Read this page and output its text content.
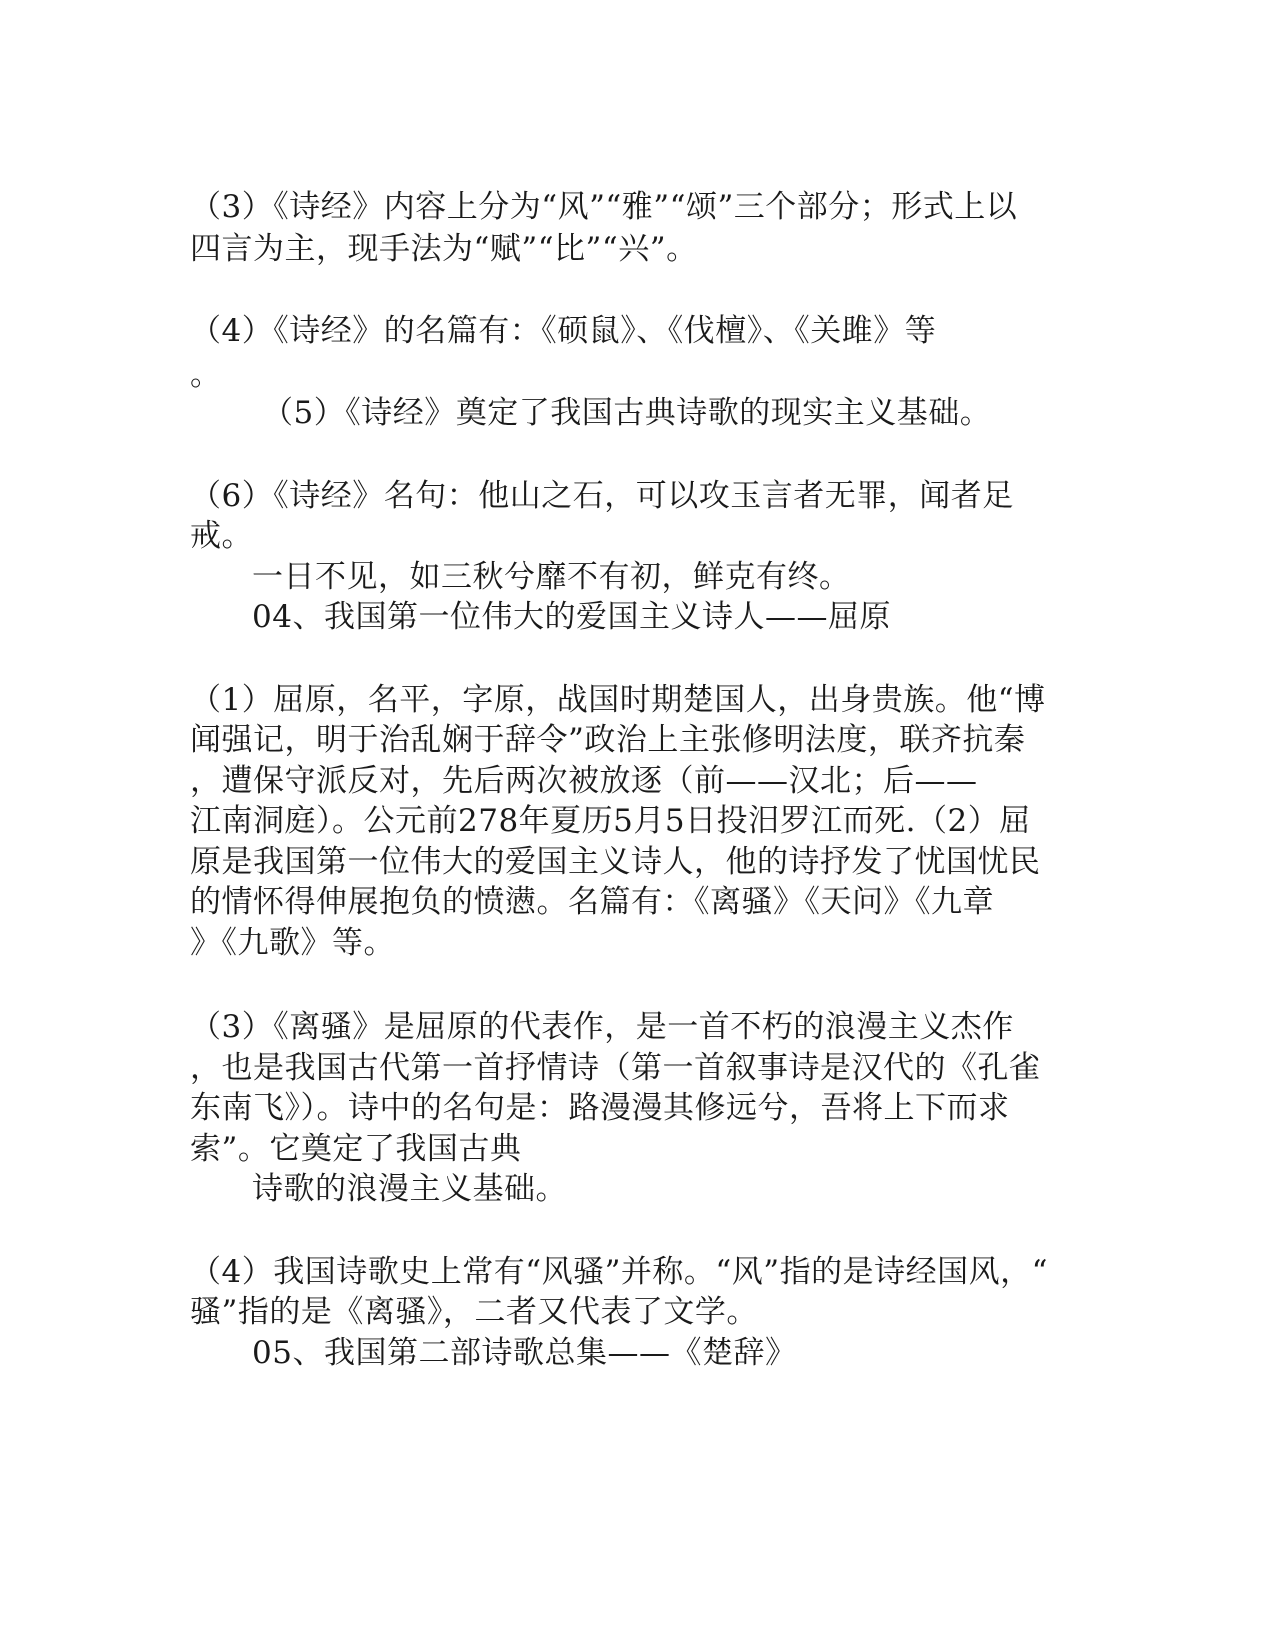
（3）《诗经》内容上分为“风”“雅”“颂”三个部分；形式上以
四言为主，现手法为“赋”“比”“兴”。
（4）《诗经》的名篇有：《硕鼠》、《伐檀》、《关雎》等
。
（5）《诗经》奠定了我国古典诗歌的现实主义基础。
（6）《诗经》名句：他山之石，可以攻玉言者无罪，闻者足
戒。
一日不见，如三秋兮靡不有初，鲜克有终。
04、我国第一位伟大的爱国主义诗人——屈原
（1）屈原，名平，字原，战国时期楚国人，出身贵族。他“博
闻强记，明于治乱娴于辞令”政治上主张修明法度，联齐抗秦
，遭保守派反对，先后两次被放逐（前——汉北；后——
江南洞庭）。公元前278年夏历5月5日投汨罗江而死.（2）屈
原是我国第一位伟大的爱国主义诗人，他的诗抒发了忧国忧民
的情怀得伸展抱负的愤懑。名篇有：《离骚》《天问》《九章
》《九歌》等。
（3）《离骚》是屈原的代表作，是一首不朽的浪漫主义杰作
，也是我国古代第一首抒情诗（第一首叙事诗是汉代的《孔雀
东南飞》）。诗中的名句是：路漫漫其修远兮，吾将上下而求
索”。它奠定了我国古典
诗歌的浪漫主义基础。
（4）我国诗歌史上常有“风骚”并称。“风”指的是诗经国风，“
骚”指的是《离骚》，二者又代表了文学。
05、我国第二部诗歌总集——《楚辞》
